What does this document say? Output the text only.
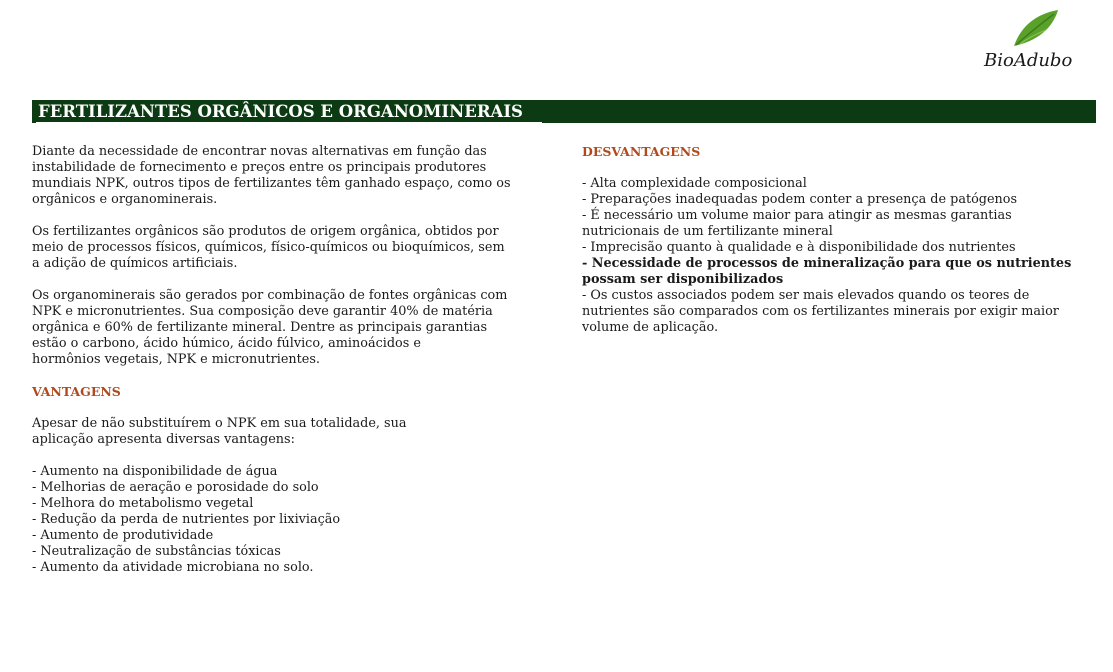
BioAdubo
FERTILIZANTES ORGÂNICOS E ORGANOMINERAIS
Diante da necessidade de encontrar novas alternativas em função das
instabilidade de fornecimento e preços entre os principais produtores
mundiais NPK, outros tipos de fertilizantes têm ganhado espaço, como os
orgânicos e organominerais.
Os fertilizantes orgânicos são produtos de origem orgânica, obtidos por
meio de processos físicos, químicos, físico-químicos ou bioquímicos, sem
a adição de químicos artificiais.
Os organominerais são gerados por combinação de fontes orgânicas com
NPK e micronutrientes. Sua composição deve garantir 40% de matéria
orgânica e 60% de fertilizante mineral. Dentre as principais garantias
estão o carbono, ácido húmico, ácido fúlvico, aminoácidos e
hormônios vegetais, NPK e micronutrientes.
VANTAGENS
Apesar de não substituírem o NPK em sua totalidade, sua
aplicação apresenta diversas vantagens:
- Aumento na disponibilidade de água
- Melhorias de aeração e porosidade do solo
- Melhora do metabolismo vegetal
- Redução da perda de nutrientes por lixiviação
- Aumento de produtividade
- Neutralização de substâncias tóxicas
- Aumento da atividade microbiana no solo.
DESVANTAGENS
- Alta complexidade composicional
- Preparações inadequadas podem conter a presença de patógenos
- É necessário um volume maior para atingir as mesmas garantias
nutricionais de um fertilizante mineral
- Imprecisão quanto à qualidade e à disponibilidade dos nutrientes
- Necessidade de processos de mineralização para que os nutrientes
possam ser disponibilizados
- Os custos associados podem ser mais elevados quando os teores de
nutrientes são comparados com os fertilizantes minerais por exigir maior
volume de aplicação.
